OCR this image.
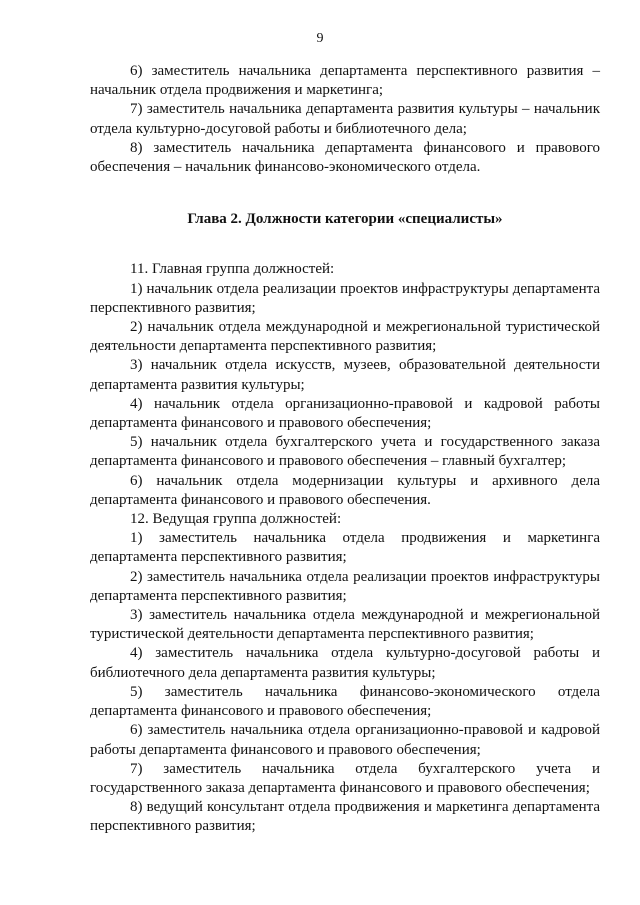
9

6) заместитель начальника департамента перспективного развития – начальник отдела продвижения и маркетинга;

7) заместитель начальника департамента развития культуры – начальник отдела культурно-досуговой работы и библиотечного дела;

8) заместитель начальника департамента финансового и правового обеспечения – начальник финансово-экономического отдела.

Глава 2. Должности категории «специалисты»

11. Главная группа должностей:

1) начальник отдела реализации проектов инфраструктуры департамента перспективного развития;

2) начальник отдела международной и межрегиональной туристической деятельности департамента перспективного развития;

3) начальник отдела искусств, музеев, образовательной деятельности департамента развития культуры;

4) начальник отдела организационно-правовой и кадровой работы департамента финансового и правового обеспечения;

5) начальник отдела бухгалтерского учета и государственного заказа департамента финансового и правового обеспечения – главный бухгалтер;

6) начальник отдела модернизации культуры и архивного дела департамента финансового и правового обеспечения.

12. Ведущая группа должностей:

1) заместитель начальника отдела продвижения и маркетинга департамента перспективного развития;

2) заместитель начальника отдела реализации проектов инфраструктуры департамента перспективного развития;

3) заместитель начальника отдела международной и межрегиональной туристической деятельности департамента перспективного развития;

4) заместитель начальника отдела культурно-досуговой работы и библиотечного дела департамента развития культуры;

5) заместитель начальника финансово-экономического отдела департамента финансового и правового обеспечения;

6) заместитель начальника отдела организационно-правовой и кадровой работы департамента финансового и правового обеспечения;

7) заместитель начальника отдела бухгалтерского учета и государственного заказа департамента финансового и правового обеспечения;

8) ведущий консультант отдела продвижения и маркетинга департамента перспективного развития;
